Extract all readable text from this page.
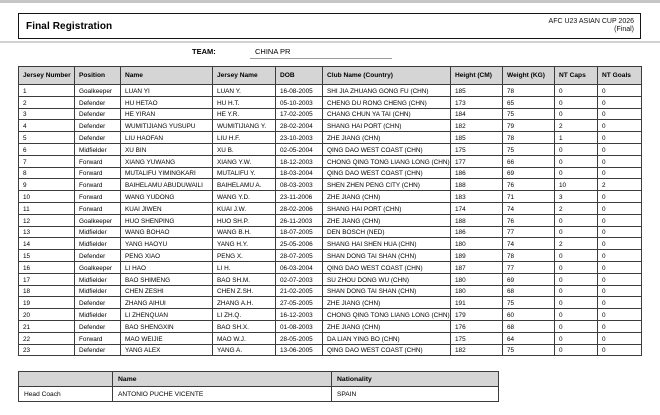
Final Registration	AFC U23 ASIAN CUP 2026
(Final)
TEAM:	CHINA PR
Jersey Number	Position	Name	Jersey Name	DOB	Club Name (Country)	Height (CM)	Weight (KG)	NT Caps	NT Goals
1	Goalkeeper	LUAN YI	LUAN Y.	16-08-2005	SHI JIA ZHUANG GONG FU (CHN)	185	78	0	0
2	Defender	HU HETAO	HU H.T.	05-10-2003	CHENG DU RONG CHENG (CHN)	173	65	0	0
3	Defender	HE YIRAN	HE Y.R.	17-02-2005	CHANG CHUN YA TAI (CHN)	184	75	0	0
4	Defender	WUMITIJIANG YUSUPU	WUMITIJIANG Y.	28-02-2004	SHANG HAI PORT (CHN)	182	79	2	0
5	Defender	LIU HAOFAN	LIU H.F.	23-10-2003	ZHE JIANG (CHN)	185	78	1	0
6	Midfielder	XU BIN	XU B.	02-05-2004	QING DAO WEST COAST (CHN)	175	75	0	0
7	Forward	XIANG YUWANG	XIANG Y.W.	18-12-2003	CHONG QING TONG LIANG LONG (CHN)	177	66	0	0
8	Forward	MUTALIFU YIMINGKARI	MUTALIFU Y.	18-03-2004	QING DAO WEST COAST (CHN)	186	69	0	0
9	Forward	BAIHELAMU ABUDUWAILI	BAIHELAMU A.	08-03-2003	SHEN ZHEN PENG CITY (CHN)	188	76	10	2
10	Forward	WANG YUDONG	WANG Y.D.	23-11-2006	ZHE JIANG (CHN)	183	71	3	0
11	Forward	KUAI JIWEN	KUAI J.W.	28-02-2006	SHANG HAI PORT (CHN)	174	74	2	0
12	Goalkeeper	HUO SHENPING	HUO SH.P.	26-11-2003	ZHE JIANG (CHN)	188	76	0	0
13	Midfielder	WANG BOHAO	WANG B.H.	18-07-2005	DEN BOSCH (NED)	186	77	0	0
14	Midfielder	YANG HAOYU	YANG H.Y.	25-05-2006	SHANG HAI SHEN HUA (CHN)	180	74	2	0
15	Defender	PENG XIAO	PENG X.	28-07-2005	SHAN DONG TAI SHAN (CHN)	189	78	0	0
16	Goalkeeper	LI HAO	LI H.	06-03-2004	QING DAO WEST COAST (CHN)	187	77	0	0
17	Midfielder	BAO SHIMENG	BAO SH.M.	02-07-2003	SU ZHOU DONG WU (CHN)	180	69	0	0
18	Midfielder	CHEN ZESHI	CHEN Z.SH.	21-02-2005	SHAN DONG TAI SHAN (CHN)	180	68	0	0
19	Defender	ZHANG AIHUI	ZHANG A.H.	27-05-2005	ZHE JIANG (CHN)	191	75	0	0
20	Midfielder	LI ZHENQUAN	LI ZH.Q.	16-12-2003	CHONG QING TONG LIANG LONG (CHN)	179	60	0	0
21	Defender	BAO SHENGXIN	BAO SH.X.	01-08-2003	ZHE JIANG (CHN)	176	68	0	0
22	Forward	MAO WEIJIE	MAO W.J.	28-05-2005	DA LIAN YING BO (CHN)	175	64	0	0
23	Defender	YANG ALEX	YANG A.	13-06-2005	QING DAO WEST COAST (CHN)	182	75	0	0
	Name	Nationality
Head Coach	ANTONIO PUCHE VICENTE	SPAIN
